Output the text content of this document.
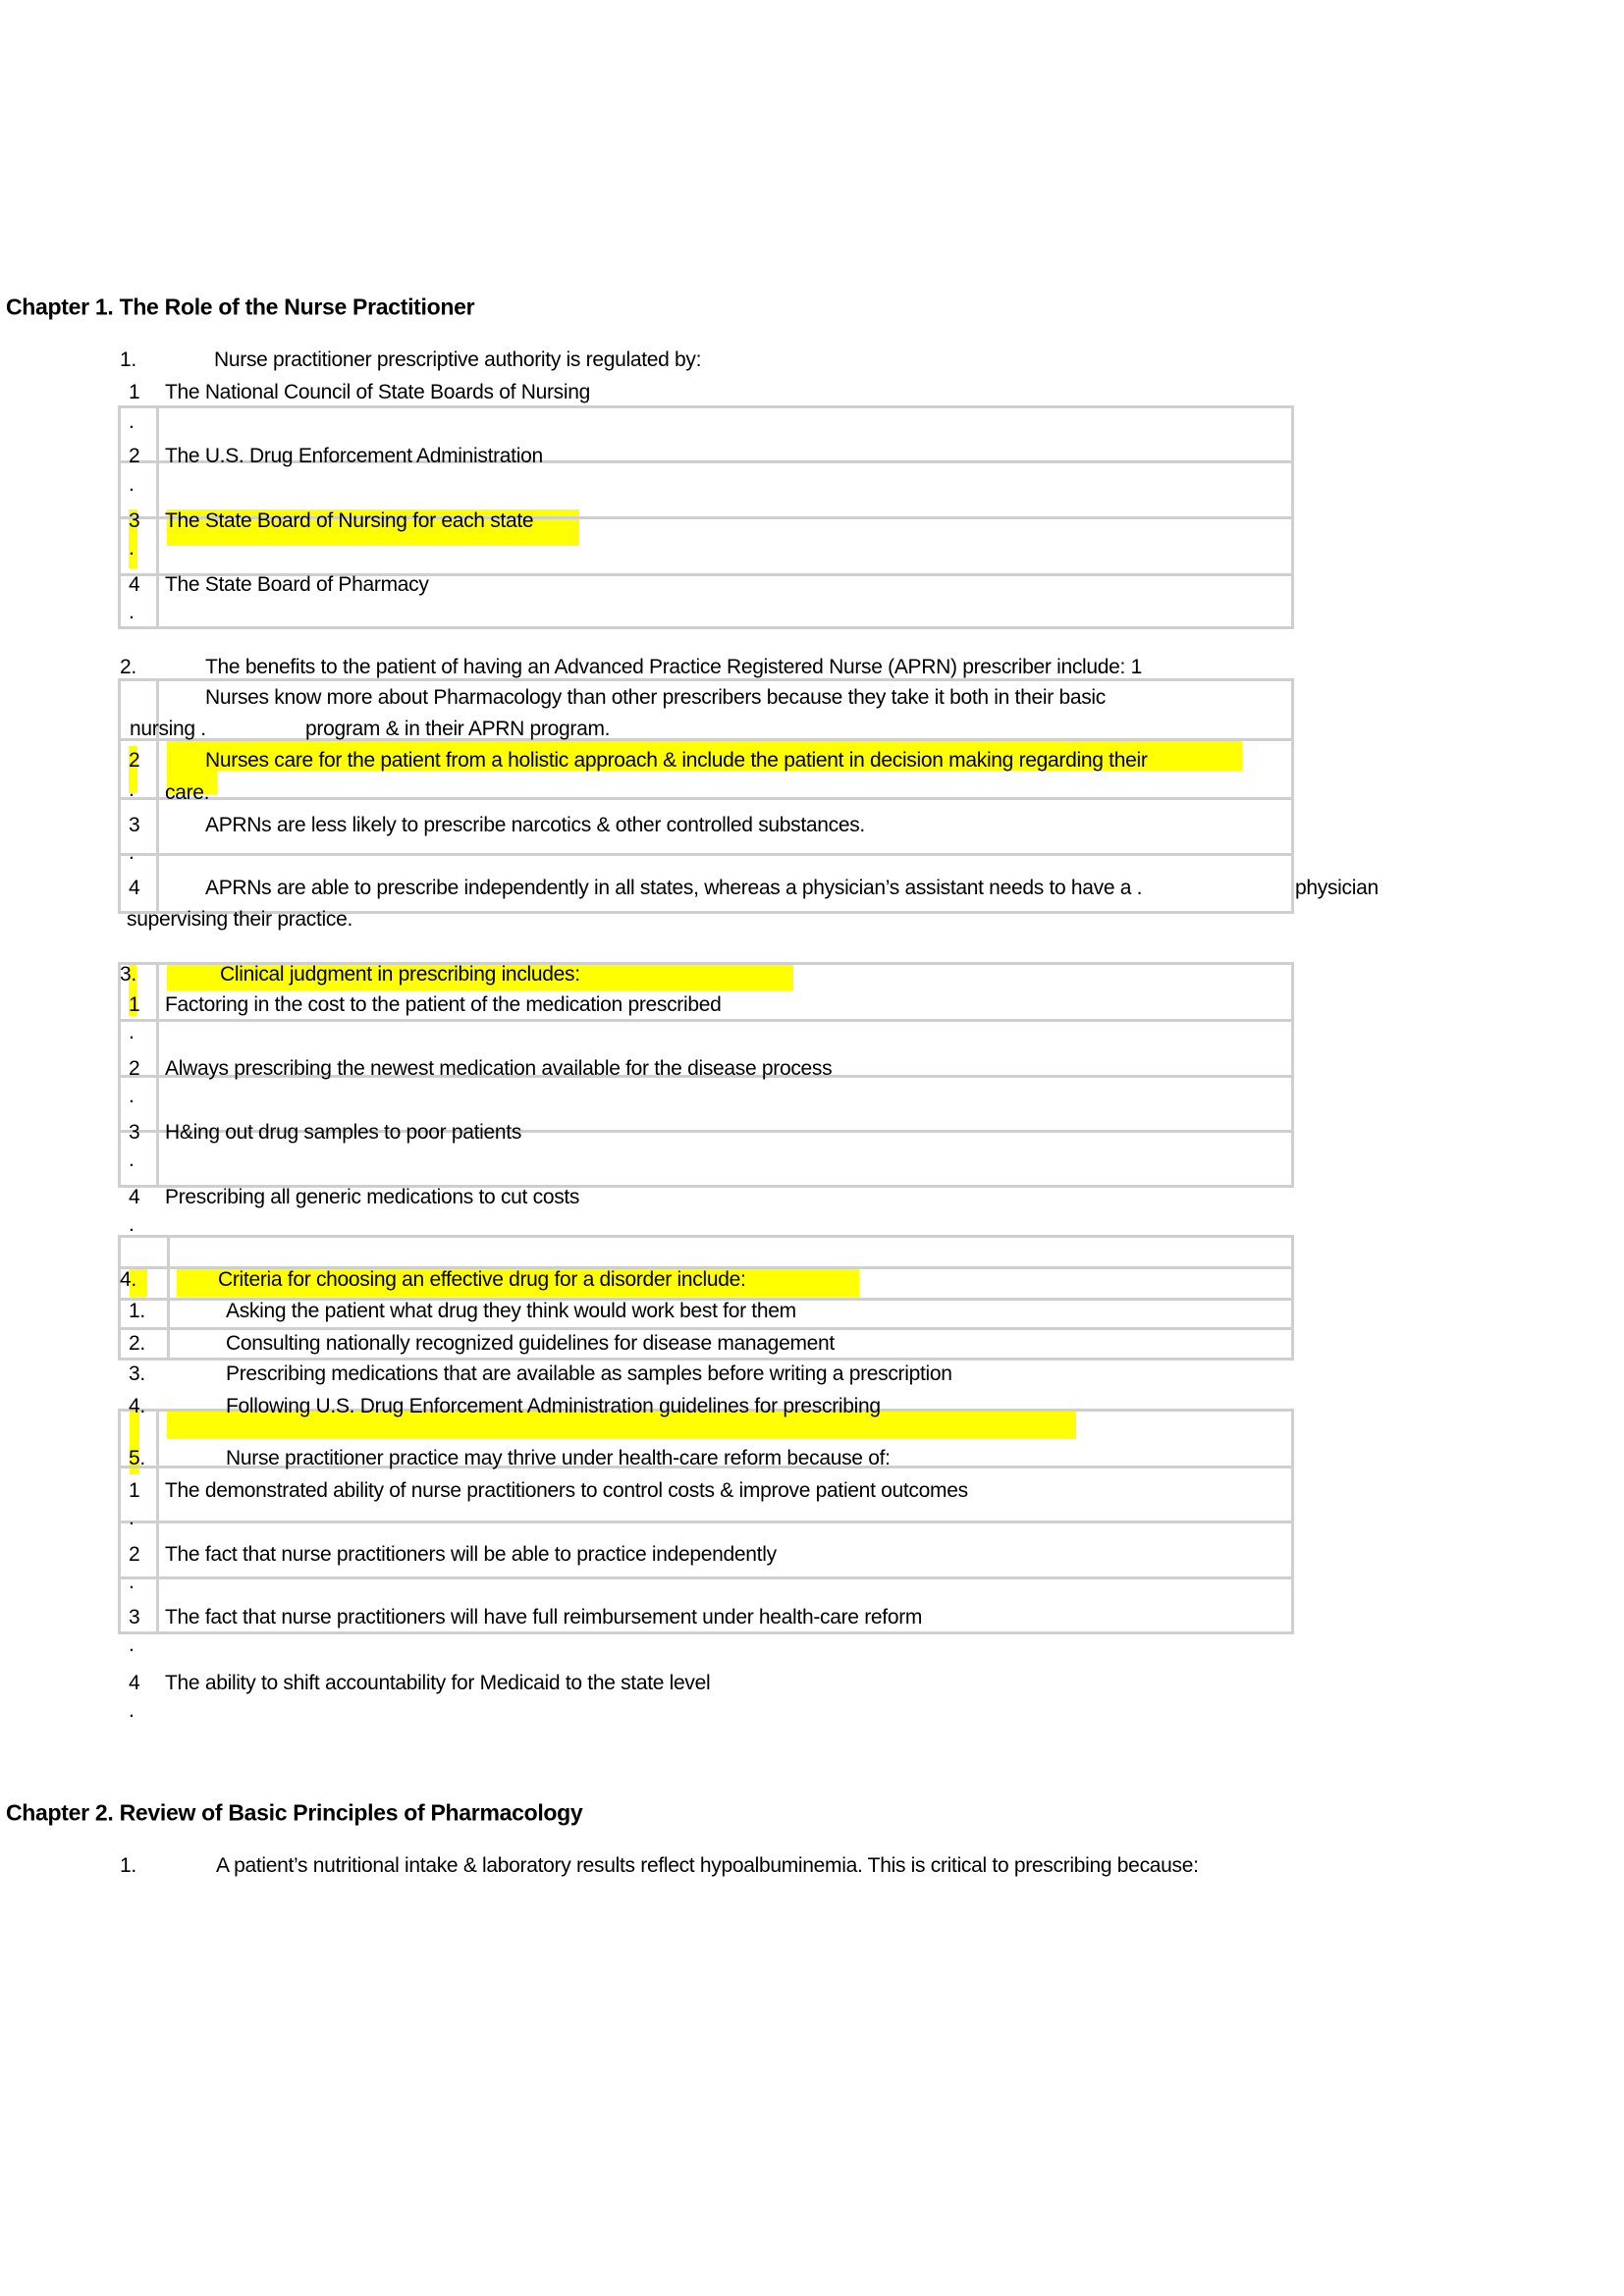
Chapter 1. The Role of the Nurse Practitioner
1.	Nurse practitioner prescriptive authority is regulated by:
1 The National Council of State Boards of Nursing
.
2 The U.S. Drug Enforcement Administration
.
3 The State Board of Nursing for each state
.
4 The State Board of Pharmacy
.
2.	The benefits to the patient of having an Advanced Practice Registered Nurse (APRN) prescriber include: 1
Nurses know more about Pharmacology than other prescribers because they take it both in their basic
nursing .	program & in their APRN program.
2	Nurses care for the patient from a holistic approach & include the patient in decision making regarding their
. care.
3	APRNs are less likely to prescribe narcotics & other controlled substances.
.
4	APRNs are able to prescribe independently in all states, whereas a physician’s assistant needs to have a .	physician
supervising their practice.
3.	Clinical judgment in prescribing includes:
1 Factoring in the cost to the patient of the medication prescribed
.
2 Always prescribing the newest medication available for the disease process
.
3 H&ing out drug samples to poor patients
.
4 Prescribing all generic medications to cut costs
.
4.	Criteria for choosing an effective drug for a disorder include:
1.	Asking the patient what drug they think would work best for them
2.	Consulting nationally recognized guidelines for disease management
3.	Prescribing medications that are available as samples before writing a prescription
4.	Following U.S. Drug Enforcement Administration guidelines for prescribing
5.	Nurse practitioner practice may thrive under health-care reform because of:
1 The demonstrated ability of nurse practitioners to control costs & improve patient outcomes
.
2 The fact that nurse practitioners will be able to practice independently
.
3 The fact that nurse practitioners will have full reimbursement under health-care reform
.
4 The ability to shift accountability for Medicaid to the state level
.
Chapter 2. Review of Basic Principles of Pharmacology
1.	A patient’s nutritional intake & laboratory results reflect hypoalbuminemia. This is critical to prescribing because:
